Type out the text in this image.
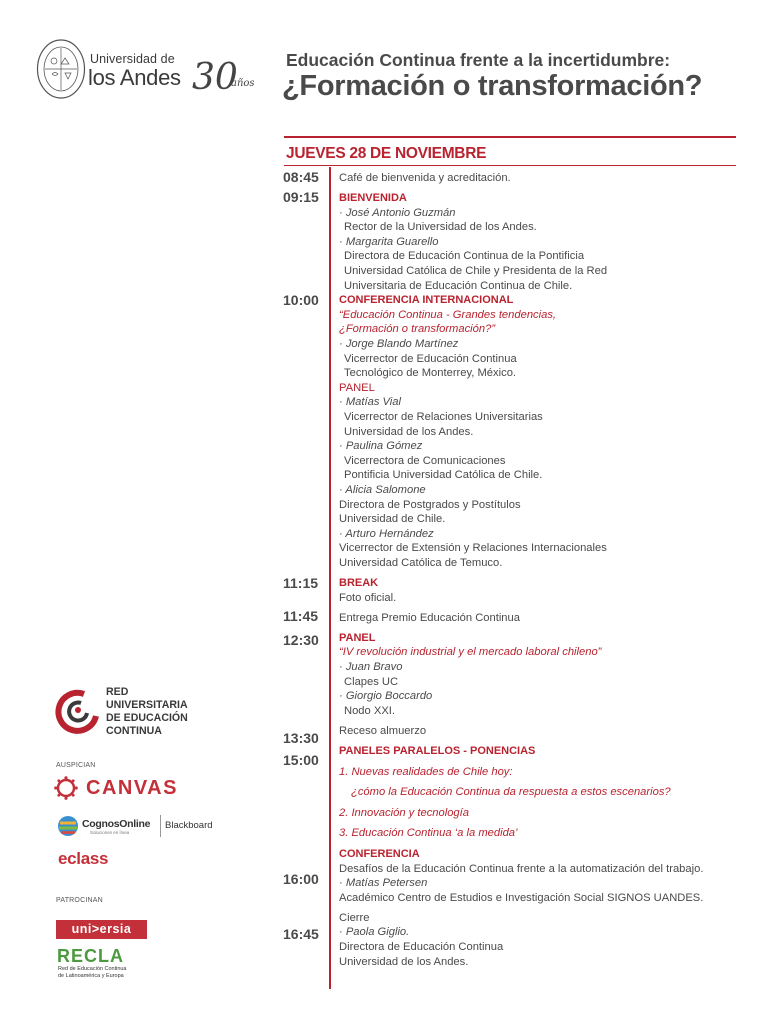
Universidad de
los Andes 30
años
Educación Continua frente a la incertidumbre:
¿Formación o transformación?
JUEVES 28 DE NOVIEMBRE
08:45
09:15
10:00
11:15
11:45
12:30
13:30
15:00
16:00
16:45
Café de bienvenida y acreditación.
BIENVENIDA
· José Antonio Guzmán
Rector de la Universidad de los Andes.
· Margarita Guarello
Directora de Educación Continua de la Pontificia
Universidad Católica de Chile y Presidenta de la Red
Universitaria de Educación Continua de Chile.
CONFERENCIA INTERNACIONAL
“Educación Continua - Grandes tendencias,
¿Formación o transformación?”
· Jorge Blando Martínez
Vicerrector de Educación Continua
Tecnológico de Monterrey, México.
PANEL
· Matías Vial
Vicerrector de Relaciones Universitarias
Universidad de los Andes.
· Paulina Gómez
Vicerrectora de Comunicaciones
Pontificia Universidad Católica de Chile.
· Alicia Salomone
Directora de Postgrados y Postítulos
Universidad de Chile.
· Arturo Hernández
Vicerrector de Extensión y Relaciones Internacionales
Universidad Católica de Temuco.
BREAK
Foto oficial.
Entrega Premio Educación Continua
PANEL
“IV revolución industrial y el mercado laboral chileno”
· Juan Bravo
Clapes UC
· Giorgio Boccardo
Nodo XXI.
Receso almuerzo
PANELES PARALELOS - PONENCIAS
1. Nuevas realidades de Chile hoy:
¿cómo la Educación Continua da respuesta a estos escenarios?
2. Innovación y tecnología
3. Educación Continua ‘a la medida’
CONFERENCIA
Desafíos de la Educación Continua frente a la automatización del trabajo.
· Matías Petersen
Académico Centro de Estudios e Investigación Social SIGNOS UANDES.
Cierre
· Paola Giglio.
Directora de Educación Continua
Universidad de los Andes.
RED
UNIVERSITARIA
DE EDUCACIÓN
CONTINUA
AUSPICIAN
CANVAS
CognosOnline
Soluciones en línea
Blackboard
eclass
PATROCINAN
uni>ersia
RECLA
Red de Educación Continua
de Latinoamérica y Europa
